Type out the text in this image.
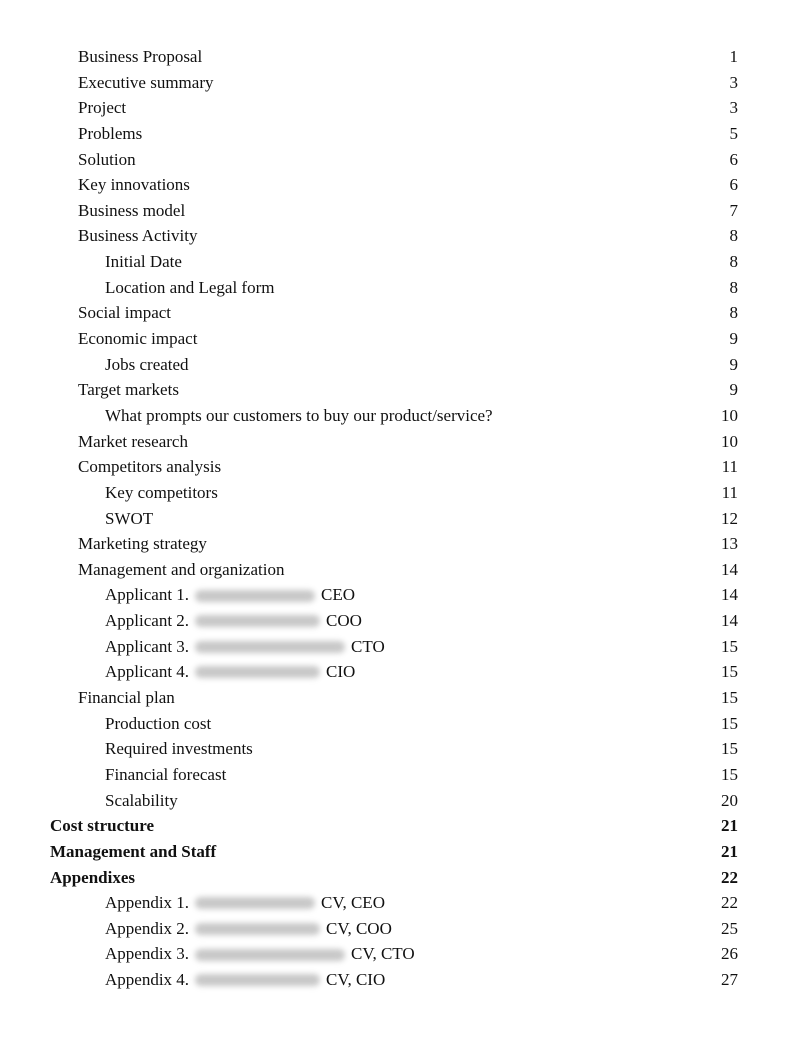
Business Proposal	1
Executive summary	3
Project	3
Problems	5
Solution	6
Key innovations	6
Business model	7
Business Activity	8
Initial Date	8
Location and Legal form	8
Social impact	8
Economic impact	9
Jobs created	9
Target markets	9
What prompts our customers to buy our product/service?	10
Market research	10
Competitors analysis	11
Key competitors	11
SWOT	12
Marketing strategy	13
Management and organization	14
Applicant 1.	CEO	14
Applicant 2.	COO	14
Applicant 3.	CTO	15
Applicant 4.	CIO	15
Financial plan	15
Production cost	15
Required investments	15
Financial forecast	15
Scalability	20
Cost structure	21
Management and Staff	21
Appendixes	22
Appendix 1.	CV, CEO	22
Appendix 2.	CV, COO	25
Appendix 3.	CV, CTO	26
Appendix 4.	CV, CIO	27
